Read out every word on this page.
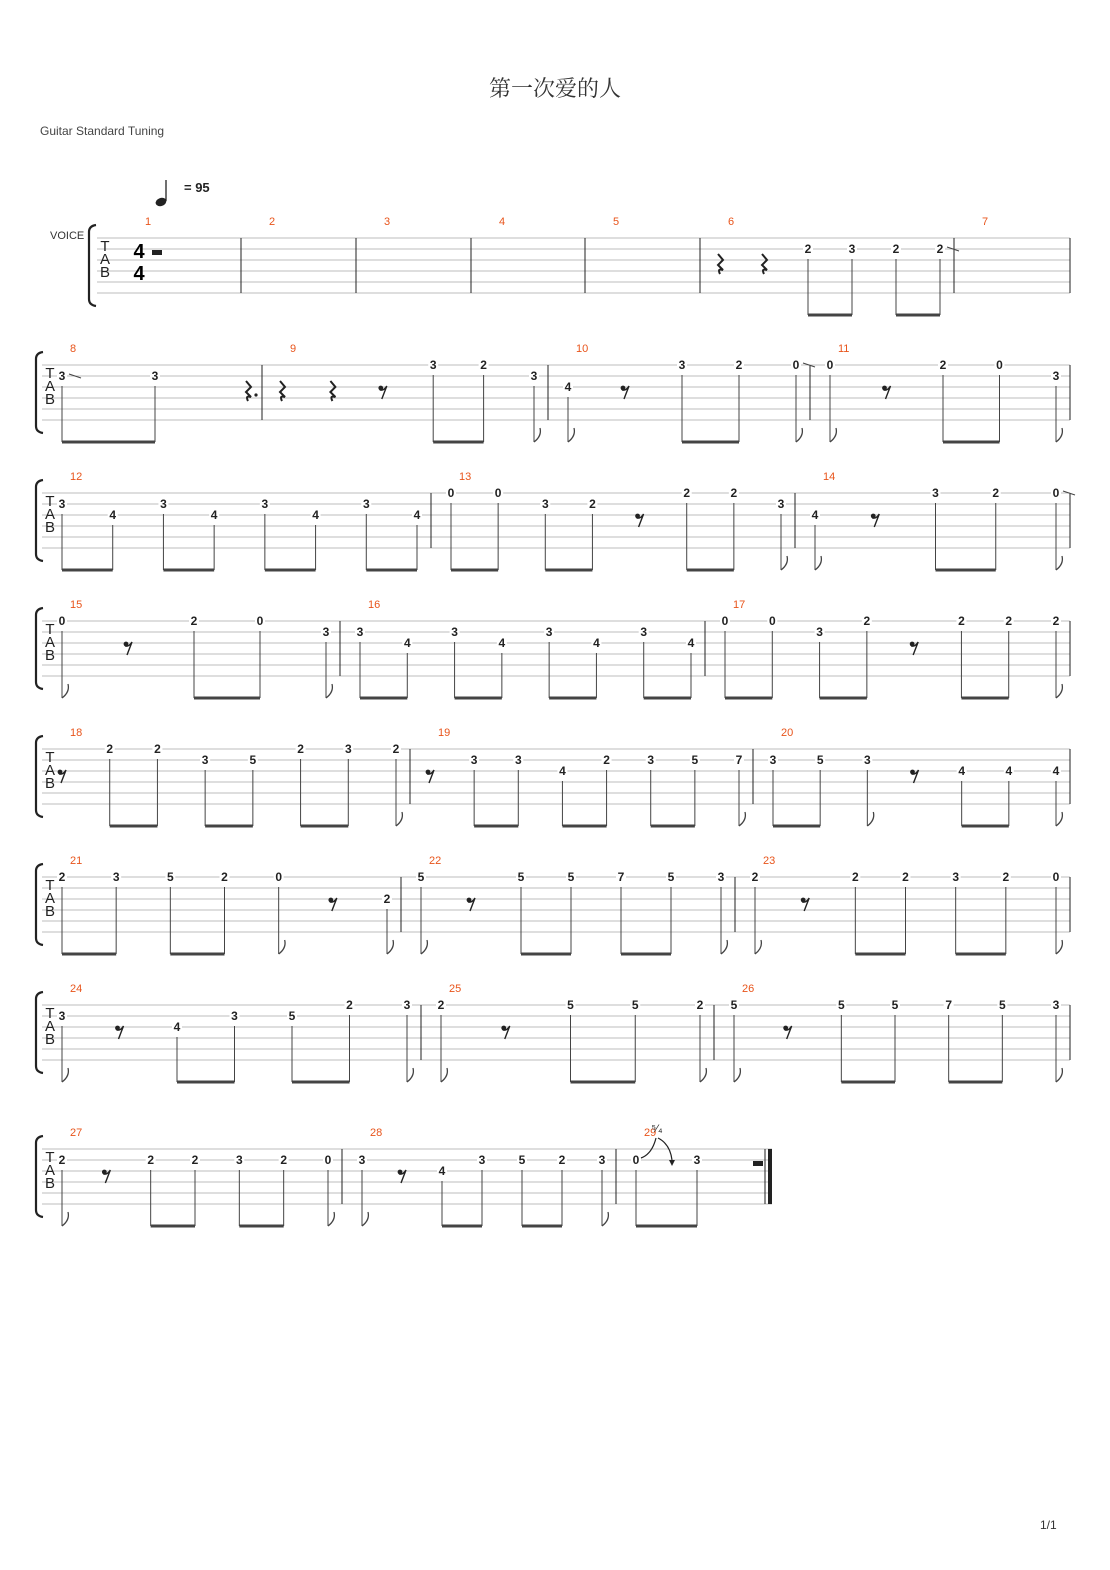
第一次爱的人
Guitar Standard Tuning
= 95
VOICE
T
A
B
4
4
1	2	3	4	5	6
2	3	2	2
7
T
A
B
8
3	3
9
3	2
3
10
4
3	2	0
11
0	2	0
3
T
A
B
12
3
4
3
4
3
4
3
4
13
0	0
3	2
2	2
3
14
4
3	2	0
T
A
B
15
0	2	0
3
16
3
4
3
4
3
4
3
4
17
0	0
3
2	2	2	2
T
A
B
18
2	2
3	5
2	3	2
19
3	3
4
2	3	5	7
20
3	5	3
4	4	4
T
A
B
21
2	3	5	2	0
2
22
5	5	5	7	5	3
23
2	2	2	3	2	0
T
A
B
24
3
4
3	5
2	3
25
2	5	5	2
26
5	5	5	7	5	3
T
A
B
27
2	2	2	3	2	0
28
3
4
3	5	2	3
29
0
⁵⁄₄
3
1/1
